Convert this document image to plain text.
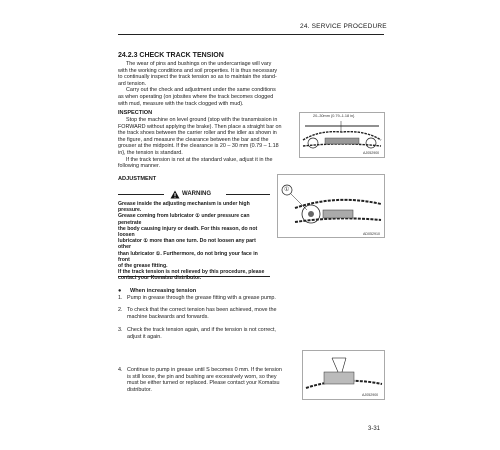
24. SERVICE PROCEDURE
24.2.3 CHECK TRACK TENSION
The wear of pins and bushings on the undercarriage will vary
with the working conditions and soil properties. It is thus necessary
to continually inspect the track tension so as to maintain the stand-
ard tension.
Carry out the check and adjustment under the same conditions
as when operating (on jobsites where the track becomes clogged
with mud, measure with the track clogged with mud).
INSPECTION
Stop the machine on level ground (stop with the transmission in
FORWARD without applying the brake). Then place a straight bar on
the track shoes between the carrier roller and the idler as shown in
the figure, and measure the clearance between the bar and the
grouser at the midpoint. If the clearance is 20 – 30 mm {0.79 – 1.18
in}, the tension is standard.
If the track tension is not at the standard value, adjust it in the
following manner.
20–30mm {0.79–1.18 in}
AJ052900
ADJUSTMENT
WARNING
Grease inside the adjusting mechanism is under high pressure.
Grease coming from lubricator ① under pressure can penetrate
the body causing injury or death. For this reason, do not loosen
lubricator ① more than one turn. Do not loosen any part other
than lubricator ①. Furthermore, do not bring your face in front
of the grease fitting.
If the track tension is not relieved by this procedure, please
contact your Komatsu distributor.
①
AD052910
● When increasing tension
1. Pump in grease through the grease fitting with a grease pump.
2. To check that the correct tension has been achieved, move the
machine backwards and forwards.
3. Check the track tension again, and if the tension is not correct,
adjust it again.
4. Continue to pump in grease until S becomes 0 mm. If the tension
is still loose, the pin and bushing are excessively worn, so they
must be either turned or replaced. Please contact your Komatsu
distributor.
AJ052900
3-31
